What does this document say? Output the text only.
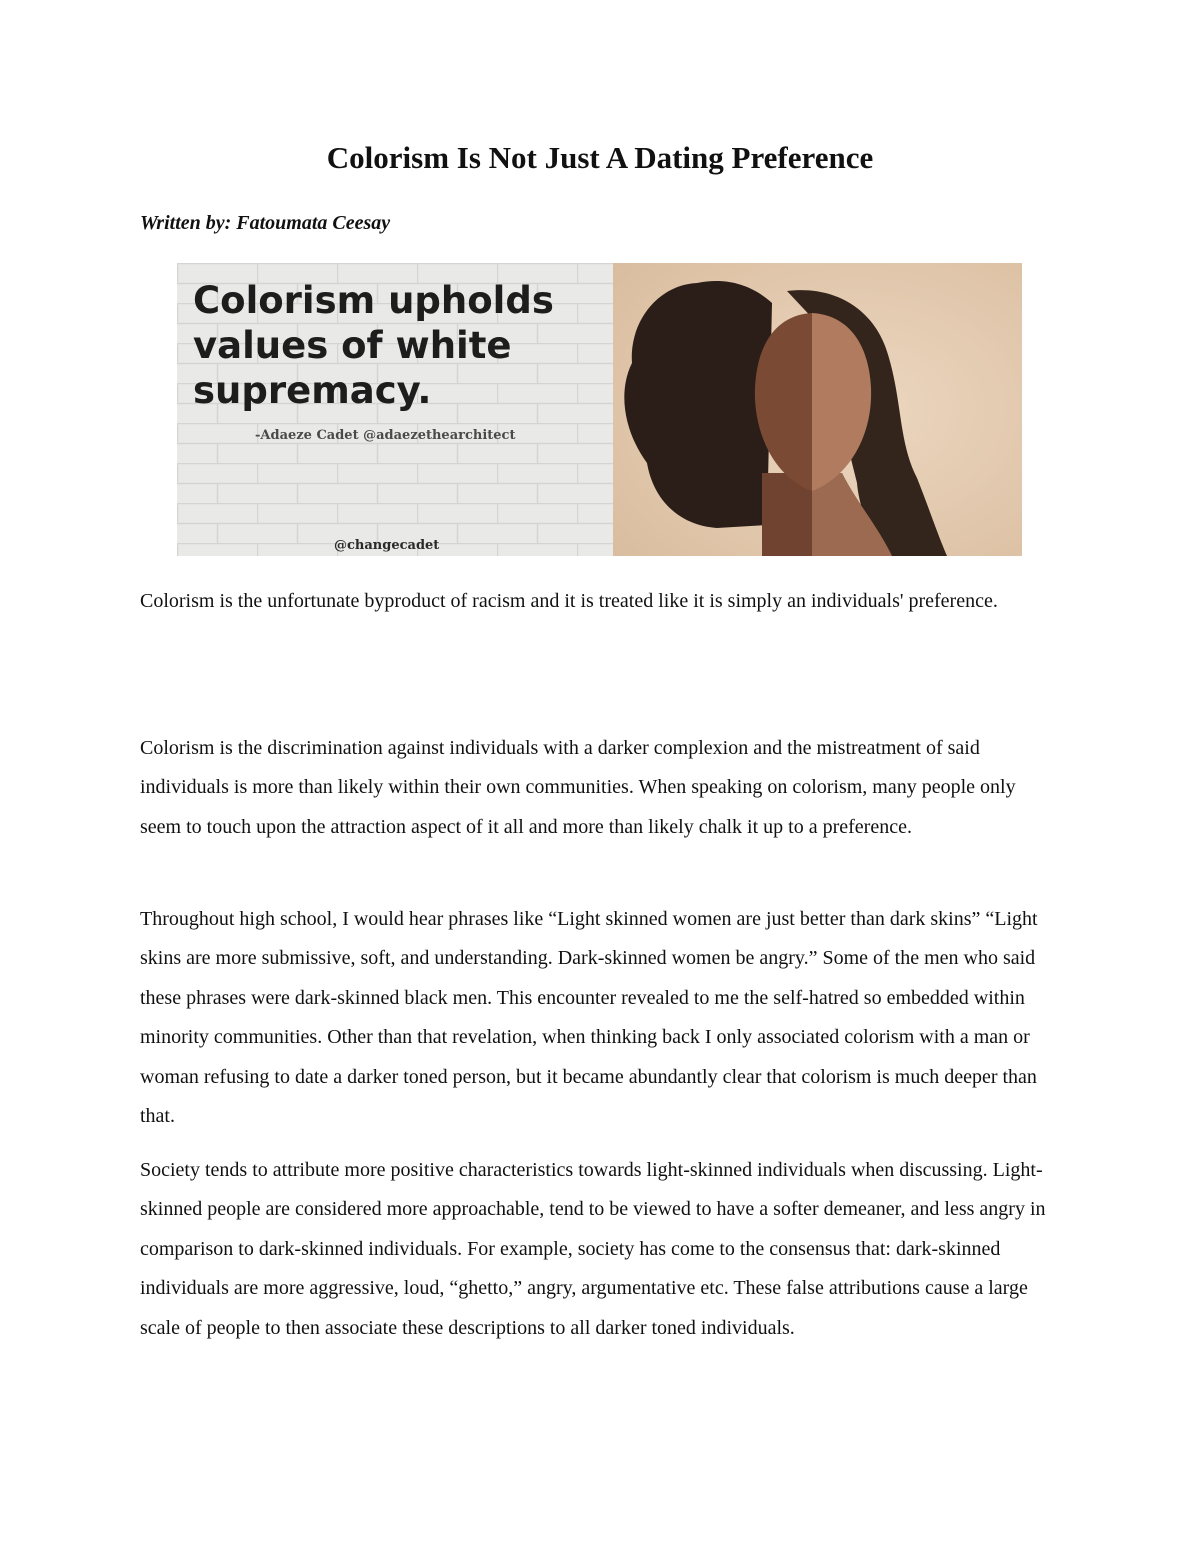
Colorism Is Not Just A Dating Preference
Written by: Fatoumata Ceesay
Colorism upholds
values of white
supremacy.
-Adaeze Cadet @adaezethearchitect
@changecadet

Colorism is the unfortunate byproduct of racism and it is treated like it is simply an individuals' preference.

Colorism is the discrimination against individuals with a darker complexion and the mistreatment of said individuals is more than likely within their own communities. When speaking on colorism, many people only seem to touch upon the attraction aspect of it all and more than likely chalk it up to a preference.

Throughout high school, I would hear phrases like “Light skinned women are just better than dark skins” “Light skins are more submissive, soft, and understanding. Dark-skinned women be angry.” Some of the men who said these phrases were dark-skinned black men. This encounter revealed to me the self-hatred so embedded within minority communities. Other than that revelation, when thinking back I only associated colorism with a man or woman refusing to date a darker toned person, but it became abundantly clear that colorism is much deeper than that.

Society tends to attribute more positive characteristics towards light-skinned individuals when discussing. Light-skinned people are considered more approachable, tend to be viewed to have a softer demeaner, and less angry in comparison to dark-skinned individuals. For example, society has come to the consensus that: dark-skinned individuals are more aggressive, loud, “ghetto,” angry, argumentative etc. These false attributions cause a large scale of people to then associate these descriptions to all darker toned individuals.
